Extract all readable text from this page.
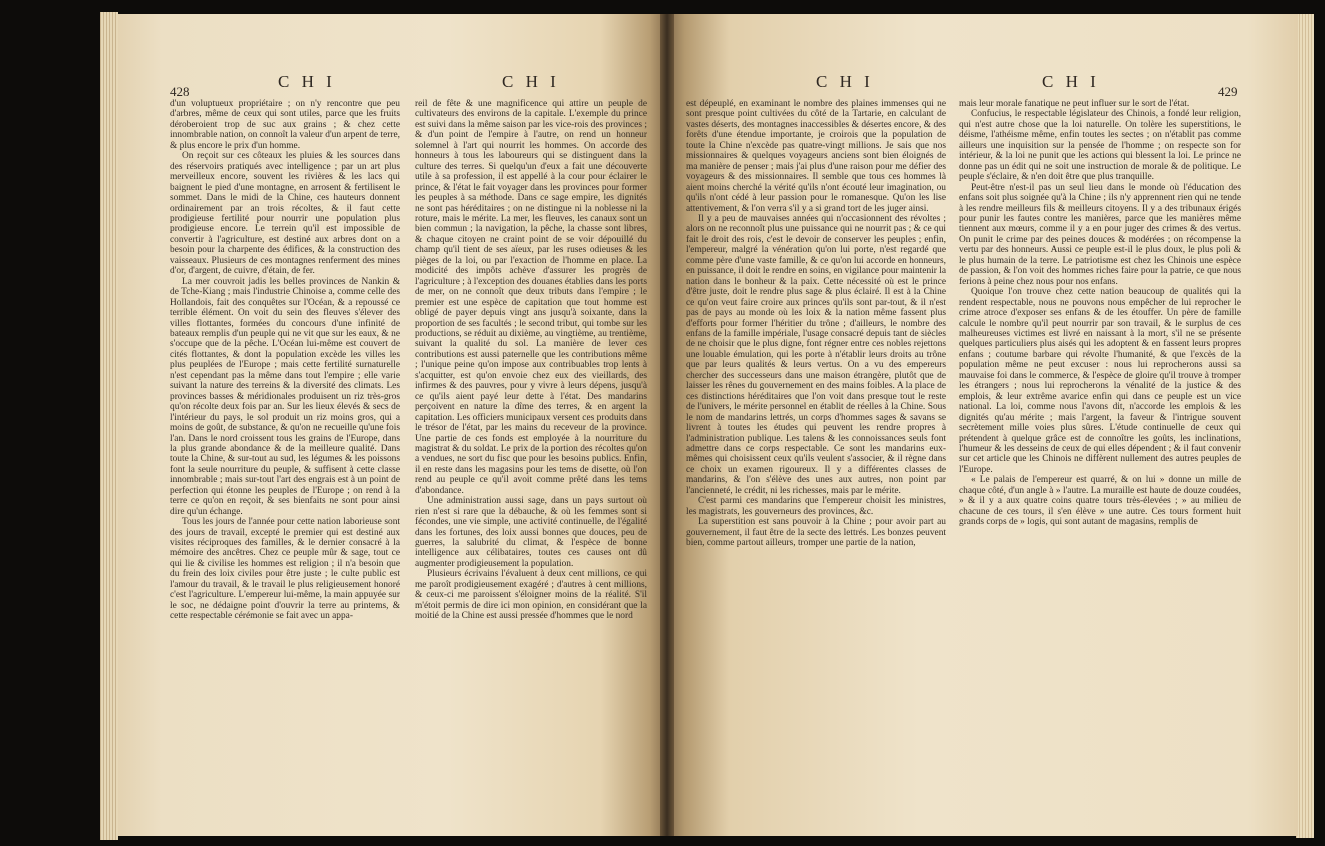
428
C H I	C H I

d'un voluptueux propriétaire ; on n'y rencontre que peu d'arbres, même de ceux qui sont utiles, parce que les fruits déroberoient trop de suc aux grains ; & chez cette innombrable nation, on connoît la valeur d'un arpent de terre, & plus encore le prix d'un homme.

On reçoit sur ces côteaux les pluies & les sources dans des réservoirs pratiqués avec intelligence ; par un art plus merveilleux encore, souvent les rivières & les lacs qui baignent le pied d'une montagne, en arrosent & fertilisent le sommet. Dans le midi de la Chine, ces hauteurs donnent ordinairement par an trois récoltes, & il faut cette prodigieuse fertilité pour nourrir une population plus prodigieuse encore. Le terrein qu'il est impossible de convertir à l'agriculture, est destiné aux arbres dont on a besoin pour la charpente des édifices, & la construction des vaisseaux. Plusieurs de ces montagnes renferment des mines d'or, d'argent, de cuivre, d'étain, de fer.

La mer couvroit jadis les belles provinces de Nankin & de Tche-Kiang ; mais l'industrie Chinoise a, comme celle des Hollandois, fait des conquêtes sur l'Océan, & a repoussé ce terrible élément. On voit du sein des fleuves s'élever des villes flottantes, formées du concours d'une infinité de bateaux remplis d'un peuple qui ne vit que sur les eaux, & ne s'occupe que de la pêche. L'Océan lui-même est couvert de cités flottantes, & dont la population excède les villes les plus peuplées de l'Europe ; mais cette fertilité surnaturelle n'est cependant pas la même dans tout l'empire ; elle varie suivant la nature des terreins & la diversité des climats. Les provinces basses & méridionales produisent un riz très-gros qu'on récolte deux fois par an. Sur les lieux élevés & secs de l'intérieur du pays, le sol produit un riz moins gros, qui a moins de goût, de substance, & qu'on ne recueille qu'une fois l'an. Dans le nord croissent tous les grains de l'Europe, dans la plus grande abondance & de la meilleure qualité. Dans toute la Chine, & sur-tout au sud, les légumes & les poissons font la seule nourriture du peuple, & suffisent à cette classe innombrable ; mais sur-tout l'art des engrais est à un point de perfection qui étonne les peuples de l'Europe ; on rend à la terre ce qu'on en reçoit, & ses bienfaits ne sont pour ainsi dire qu'un échange.

Tous les jours de l'année pour cette nation laborieuse sont des jours de travail, excepté le premier qui est destiné aux visites réciproques des familles, & le dernier consacré à la mémoire des ancêtres. Chez ce peuple mûr & sage, tout ce qui lie & civilise les hommes est religion ; il n'a besoin que du frein des loix civiles pour être juste ; le culte public est l'amour du travail, & le travail le plus religieusement honoré c'est l'agriculture. L'empereur lui-même, la main appuyée sur le soc, ne dédaigne point d'ouvrir la terre au printems, & cette respectable cérémonie se fait avec un appa-

reil de fête & une magnificence qui attire un peuple de cultivateurs des environs de la capitale. L'exemple du prince est suivi dans la même saison par les vice-rois des provinces ; & d'un point de l'empire à l'autre, on rend un honneur solemnel à l'art qui nourrit les hommes. On accorde des honneurs à tous les laboureurs qui se distinguent dans la culture des terres. Si quelqu'un d'eux a fait une découverte utile à sa profession, il est appellé à la cour pour éclairer le prince, & l'état le fait voyager dans les provinces pour former les peuples à sa méthode. Dans ce sage empire, les dignités ne sont pas héréditaires ; on ne distingue ni la noblesse ni la roture, mais le mérite. La mer, les fleuves, les canaux sont un bien commun ; la navigation, la pêche, la chasse sont libres, & chaque citoyen ne craint point de se voir dépouillé du champ qu'il tient de ses aïeux, par les ruses odieuses & les pièges de la loi, ou par l'exaction de l'homme en place. La modicité des impôts achève d'assurer les progrès de l'agriculture ; à l'exception des douanes établies dans les ports de mer, on ne connoît que deux tributs dans l'empire ; le premier est une espèce de capitation que tout homme est obligé de payer depuis vingt ans jusqu'à soixante, dans la proportion de ses facultés ; le second tribut, qui tombe sur les productions, se réduit au dixième, au vingtième, au trentième, suivant la qualité du sol. La manière de lever ces contributions est aussi paternelle que les contributions même ; l'unique peine qu'on impose aux contribuables trop lents à s'acquitter, est qu'on envoie chez eux des vieillards, des infirmes & des pauvres, pour y vivre à leurs dépens, jusqu'à ce qu'ils aient payé leur dette à l'état. Des mandarins perçoivent en nature la dîme des terres, & en argent la capitation. Les officiers municipaux versent ces produits dans le trésor de l'état, par les mains du receveur de la province. Une partie de ces fonds est employée à la nourriture du magistrat & du soldat. Le prix de la portion des récoltes qu'on a vendues, ne sort du fisc que pour les besoins publics. Enfin, il en reste dans les magasins pour les tems de disette, où l'on rend au peuple ce qu'il avoit comme prêté dans les tems d'abondance.

Une administration aussi sage, dans un pays surtout où rien n'est si rare que la débauche, & où les femmes sont si fécondes, une vie simple, une activité continuelle, de l'égalité dans les fortunes, des loix aussi bonnes que douces, peu de guerres, la salubrité du climat, & l'espèce de bonne intelligence aux célibataires, toutes ces causes ont dû augmenter prodigieusement la population.

Plusieurs écrivains l'évaluent à deux cent millions, ce qui me paroît prodigieusement exagéré ; d'autres à cent millions, & ceux-ci me paroissent s'éloigner moins de la réalité. S'il m'étoit permis de dire ici mon opinion, en considérant que la moitié de la Chine est aussi pressée d'hommes que le nord

C H I	C H I
429

est dépeuplé, en examinant le nombre des plaines immenses qui ne sont presque point cultivées du côté de la Tartarie, en calculant de vastes déserts, des montagnes inaccessibles & désertes encore, & des forêts d'une étendue importante, je croirois que la population de toute la Chine n'excède pas quatre-vingt millions. Je sais que nos missionnaires & quelques voyageurs anciens sont bien éloignés de ma manière de penser ; mais j'ai plus d'une raison pour me défier des voyageurs & des missionnaires. Il semble que tous ces hommes là aient moins cherché la vérité qu'ils n'ont écouté leur imagination, ou qu'ils n'ont cédé à leur passion pour le romanesque. Qu'on les lise attentivement, & l'on verra s'il y a si grand tort de les juger ainsi.

Il y a peu de mauvaises années qui n'occasionnent des révoltes ; alors on ne reconnoît plus une puissance qui ne nourrit pas ; & ce qui fait le droit des rois, c'est le devoir de conserver les peuples ; enfin, l'empereur, malgré la vénération qu'on lui porte, n'est regardé que comme père d'une vaste famille, & ce qu'on lui accorde en honneurs, en puissance, il doit le rendre en soins, en vigilance pour maintenir la nation dans le bonheur & la paix. Cette nécessité où est le prince d'être juste, doit le rendre plus sage & plus éclairé. Il est à la Chine ce qu'on veut faire croire aux princes qu'ils sont par-tout, & il n'est pas de pays au monde où les loix & la nation même fassent plus d'efforts pour former l'héritier du trône ; d'ailleurs, le nombre des enfans de la famille impériale, l'usage consacré depuis tant de siècles de ne choisir que le plus digne, font régner entre ces nobles rejettons une louable émulation, qui les porte à n'établir leurs droits au trône que par leurs qualités & leurs vertus. On a vu des empereurs chercher des successeurs dans une maison étrangère, plutôt que de laisser les rênes du gouvernement en des mains foibles. A la place de ces distinctions héréditaires que l'on voit dans presque tout le reste de l'univers, le mérite personnel en établit de réelles à la Chine. Sous le nom de mandarins lettrés, un corps d'hommes sages & savans se livrent à toutes les études qui peuvent les rendre propres à l'administration publique. Les talens & les connoissances seuls font admettre dans ce corps respectable. Ce sont les mandarins eux-mêmes qui choisissent ceux qu'ils veulent s'associer, & il règne dans ce choix un examen rigoureux. Il y a différentes classes de mandarins, & l'on s'élève des unes aux autres, non point par l'ancienneté, le crédit, ni les richesses, mais par le mérite.

C'est parmi ces mandarins que l'empereur choisit les ministres, les magistrats, les gouverneurs des provinces, &c.

La superstition est sans pouvoir à la Chine ; pour avoir part au gouvernement, il faut être de la secte des lettrés. Les bonzes peuvent bien, comme partout ailleurs, tromper une partie de la nation,

mais leur morale fanatique ne peut influer sur le sort de l'état.

Confucius, le respectable législateur des Chinois, a fondé leur religion, qui n'est autre chose que la loi naturelle. On tolère les superstitions, le déisme, l'athéisme même, enfin toutes les sectes ; on n'établit pas comme ailleurs une inquisition sur la pensée de l'homme ; on respecte son for intérieur, & la loi ne punit que les actions qui blessent la loi. Le prince ne donne pas un édit qui ne soit une instruction de morale & de politique. Le peuple s'éclaire, & n'en doit être que plus tranquille.

Peut-être n'est-il pas un seul lieu dans le monde où l'éducation des enfans soit plus soignée qu'à la Chine ; ils n'y apprennent rien qui ne tende à les rendre meilleurs fils & meilleurs citoyens. Il y a des tribunaux érigés pour punir les fautes contre les manières, parce que les manières même tiennent aux mœurs, comme il y a en pour juger des crimes & des vertus. On punit le crime par des peines douces & modérées ; on récompense la vertu par des honneurs. Aussi ce peuple est-il le plus doux, le plus poli & le plus humain de la terre. Le patriotisme est chez les Chinois une espèce de passion, & l'on voit des hommes riches faire pour la patrie, ce que nous ferions à peine chez nous pour nos enfans.

Quoique l'on trouve chez cette nation beaucoup de qualités qui la rendent respectable, nous ne pouvons nous empêcher de lui reprocher le crime atroce d'exposer ses enfans & de les étouffer. Un père de famille calcule le nombre qu'il peut nourrir par son travail, & le surplus de ces malheureuses victimes est livré en naissant à la mort, s'il ne se présente quelques particuliers plus aisés qui les adoptent & en fassent leurs propres enfans ; coutume barbare qui révolte l'humanité, & que l'excès de la population même ne peut excuser : nous lui reprocherons aussi sa mauvaise foi dans le commerce, & l'espèce de gloire qu'il trouve à tromper les étrangers ; nous lui reprocherons la vénalité de la justice & des emplois, & leur extrême avarice enfin qui dans ce peuple est un vice national. La loi, comme nous l'avons dit, n'accorde les emplois & les dignités qu'au mérite ; mais l'argent, la faveur & l'intrigue souvent secrètement mille voies plus sûres. L'étude continuelle de ceux qui prétendent à quelque grâce est de connoître les goûts, les inclinations, l'humeur & les desseins de ceux de qui elles dépendent ; & il faut convenir sur cet article que les Chinois ne diffèrent nullement des autres peuples de l'Europe.

« Le palais de l'empereur est quarré, & on lui » donne un mille de chaque côté, d'un angle à » l'autre. La muraille est haute de douze coudées, » & il y a aux quatre coins quatre tours très-élevées ; » au milieu de chacune de ces tours, il s'en élève » une autre. Ces tours forment huit grands corps de » logis, qui sont autant de magasins, remplis de
